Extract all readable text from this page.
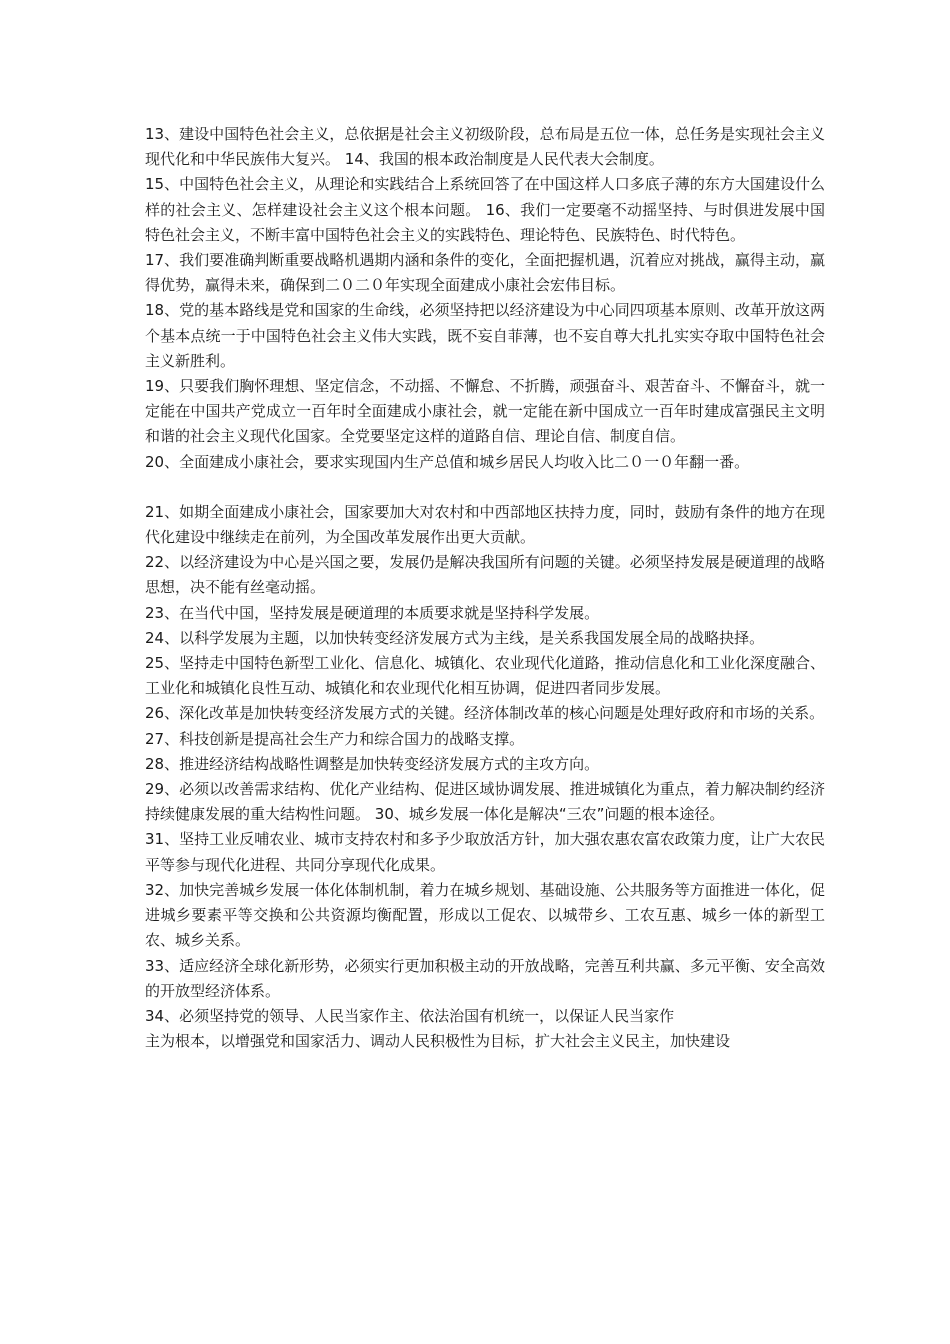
13、建设中国特色社会主义，总依据是社会主义初级阶段，总布局是五位一体，总任务是实现社会主义现代化和中华民族伟大复兴。 14、我国的根本政治制度是人民代表大会制度。

15、中国特色社会主义，从理论和实践结合上系统回答了在中国这样人口多底子薄的东方大国建设什么样的社会主义、怎样建设社会主义这个根本问题。 16、我们一定要毫不动摇坚持、与时俱进发展中国特色社会主义，不断丰富中国特色社会主义的实践特色、理论特色、民族特色、时代特色。

17、我们要准确判断重要战略机遇期内涵和条件的变化，全面把握机遇，沉着应对挑战，赢得主动，赢得优势，赢得未来，确保到二０二０年实现全面建成小康社会宏伟目标。

18、党的基本路线是党和国家的生命线，必须坚持把以经济建设为中心同四项基本原则、改革开放这两个基本点统一于中国特色社会主义伟大实践，既不妄自菲薄，也不妄自尊大扎扎实实夺取中国特色社会主义新胜利。

19、只要我们胸怀理想、坚定信念，不动摇、不懈怠、不折腾，顽强奋斗、艰苦奋斗、不懈奋斗，就一定能在中国共产党成立一百年时全面建成小康社会，就一定能在新中国成立一百年时建成富强民主文明和谐的社会主义现代化国家。全党要坚定这样的道路自信、理论自信、制度自信。

20、全面建成小康社会，要求实现国内生产总值和城乡居民人均收入比二０一０年翻一番。

21、如期全面建成小康社会，国家要加大对农村和中西部地区扶持力度，同时，鼓励有条件的地方在现代化建设中继续走在前列，为全国改革发展作出更大贡献。

22、以经济建设为中心是兴国之要，发展仍是解决我国所有问题的关键。必须坚持发展是硬道理的战略思想，决不能有丝毫动摇。

23、在当代中国，坚持发展是硬道理的本质要求就是坚持科学发展。

24、以科学发展为主题，以加快转变经济发展方式为主线，是关系我国发展全局的战略抉择。

25、坚持走中国特色新型工业化、信息化、城镇化、农业现代化道路，推动信息化和工业化深度融合、工业化和城镇化良性互动、城镇化和农业现代化相互协调，促进四者同步发展。

26、深化改革是加快转变经济发展方式的关键。经济体制改革的核心问题是处理好政府和市场的关系。

27、科技创新是提高社会生产力和综合国力的战略支撑。

28、推进经济结构战略性调整是加快转变经济发展方式的主攻方向。

29、必须以改善需求结构、优化产业结构、促进区域协调发展、推进城镇化为重点，着力解决制约经济持续健康发展的重大结构性问题。 30、城乡发展一体化是解决“三农”问题的根本途径。

31、坚持工业反哺农业、城市支持农村和多予少取放活方针，加大强农惠农富农政策力度，让广大农民平等参与现代化进程、共同分享现代化成果。

32、加快完善城乡发展一体化体制机制，着力在城乡规划、基础设施、公共服务等方面推进一体化，促进城乡要素平等交换和公共资源均衡配置，形成以工促农、以城带乡、工农互惠、城乡一体的新型工农、城乡关系。

33、适应经济全球化新形势，必须实行更加积极主动的开放战略，完善互利共赢、多元平衡、安全高效的开放型经济体系。

34、必须坚持党的领导、人民当家作主、依法治国有机统一，以保证人民当家作

主为根本，以增强党和国家活力、调动人民积极性为目标，扩大社会主义民主，加快建设
